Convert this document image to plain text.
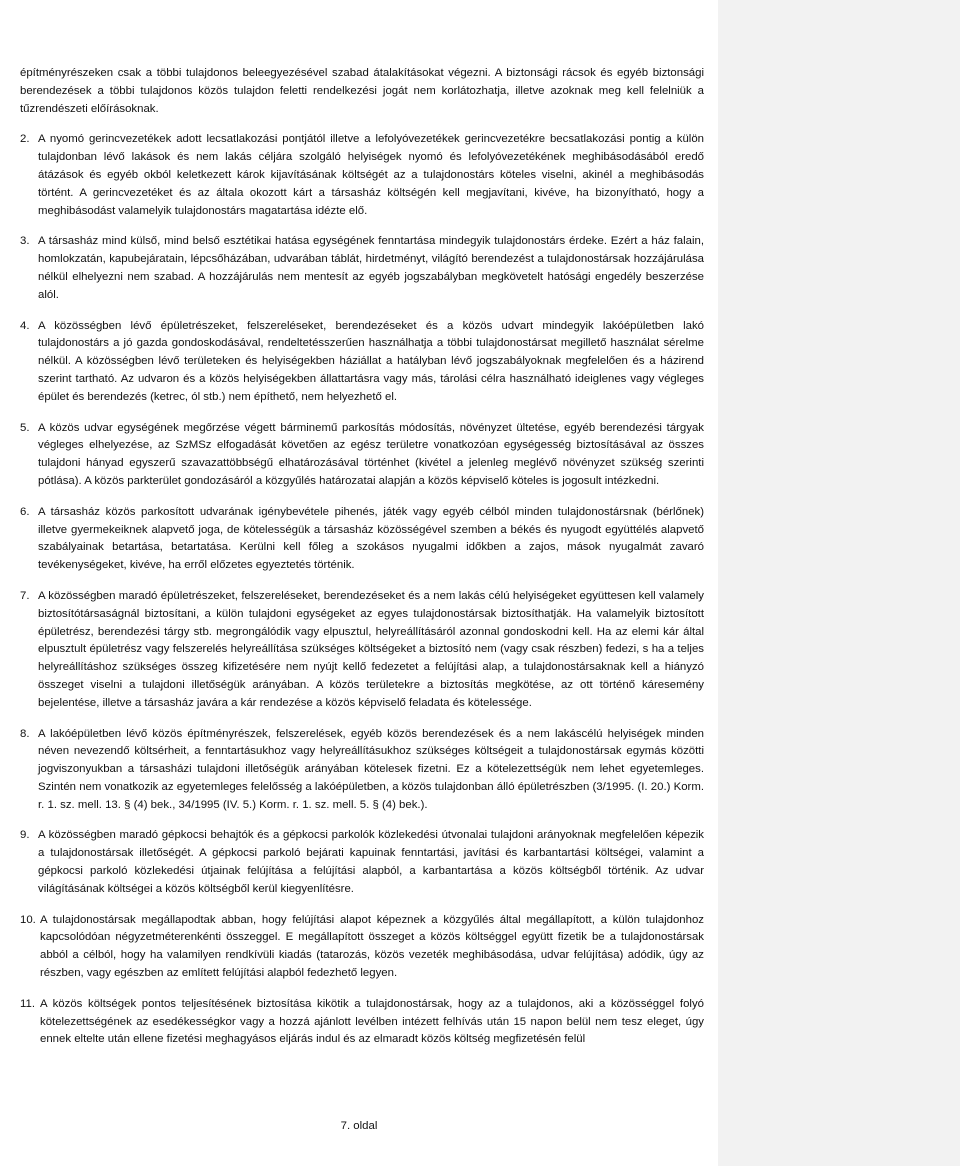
építményrészeken csak a többi tulajdonos beleegyezésével szabad átalakításokat végezni. A biztonsági rácsok és egyéb biztonsági berendezések a többi tulajdonos közös tulajdon feletti rendelkezési jogát nem korlátozhatja, illetve azoknak meg kell felelniük a tűzrendészeti előírásoknak.

2. A nyomó gerincvezetékek adott lecsatlakozási pontjától illetve a lefolyóvezetékek gerincvezetékre becsatlakozási pontig a külön tulajdonban lévő lakások és nem lakás céljára szolgáló helyiségek nyomó és lefolyóvezetékének meghibásodásából eredő átázások és egyéb okból keletkezett károk kijavításának költségét az a tulajdonostárs köteles viselni, akinél a meghibásodás történt. A gerincvezetéket és az általa okozott kárt a társasház költségén kell megjavítani, kivéve, ha bizonyítható, hogy a meghibásodást valamelyik tulajdonostárs magatartása idézte elő.
3. A társasház mind külső, mind belső esztétikai hatása egységének fenntartása mindegyik tulajdonostárs érdeke. Ezért a ház falain, homlokzatán, kapubejáratain, lépcsőházában, udvarában táblát, hirdetményt, világító berendezést a tulajdonostársak hozzájárulása nélkül elhelyezni nem szabad. A hozzájárulás nem mentesít az egyéb jogszabályban megkövetelt hatósági engedély beszerzése alól.
4. A közösségben lévő épületrészeket, felszereléseket, berendezéseket és a közös udvart mindegyik lakóépületben lakó tulajdonostárs a jó gazda gondoskodásával, rendeltetésszerűen használhatja a többi tulajdonostársat megillető használat sérelme nélkül. A közösségben lévő területeken és helyiségekben háziállat a hatályban lévő jogszabályoknak megfelelően és a házirend szerint tartható. Az udvaron és a közös helyiségekben állattartásra vagy más, tárolási célra használható ideiglenes vagy végleges épület és berendezés (ketrec, ól stb.) nem építhető, nem helyezhető el.
5. A közös udvar egységének megőrzése végett bárminemű parkosítás módosítás, növényzet ültetése, egyéb berendezési tárgyak végleges elhelyezése, az SzMSz elfogadását követően az egész területre vonatkozóan egységesség biztosításával az összes tulajdoni hányad egyszerű szavazattöbbségű elhatározásával történhet (kivétel a jelenleg meglévő növényzet szükség szerinti pótlása). A közös parkterület gondozásáról a közgyűlés határozatai alapján a közös képviselő köteles is jogosult intézkedni.
6. A társasház közös parkosított udvarának igénybevétele pihenés, játék vagy egyéb célból minden tulajdonostársnak (bérlőnek) illetve gyermekeiknek alapvető joga, de kötelességük a társasház közösségével szemben a békés és nyugodt együttélés alapvető szabályainak betartása, betartatása. Kerülni kell főleg a szokásos nyugalmi időkben a zajos, mások nyugalmát zavaró tevékenységeket, kivéve, ha erről előzetes egyeztetés történik.
7. A közösségben maradó épületrészeket, felszereléseket, berendezéseket és a nem lakás célú helyiségeket együttesen kell valamely biztosítótársaságnál biztosítani, a külön tulajdoni egységeket az egyes tulajdonostársak biztosíthatják. Ha valamelyik biztosított épületrész, berendezési tárgy stb. megrongálódik vagy elpusztul, helyreállításáról azonnal gondoskodni kell. Ha az elemi kár által elpusztult épületrész vagy felszerelés helyreállítása szükséges költségeket a biztosító nem (vagy csak részben) fedezi, s ha a teljes helyreállításhoz szükséges összeg kifizetésére nem nyújt kellő fedezetet a felújítási alap, a tulajdonostársaknak kell a hiányzó összeget viselni a tulajdoni illetőségük arányában. A közös területekre a biztosítás megkötése, az ott történő káresemény bejelentése, illetve a társasház javára a kár rendezése a közös képviselő feladata és kötelessége.
8. A lakóépületben lévő közös építményrészek, felszerelések, egyéb közös berendezések és a nem lakáscélú helyiségek minden néven nevezendő költsérheit, a fenntartásukhoz vagy helyreállításukhoz szükséges költségeit a tulajdonostársak egymás közötti jogviszonyukban a társasházi tulajdoni illetőségük arányában kötelesek fizetni. Ez a kötelezettségük nem lehet egyetemleges. Szintén nem vonatkozik az egyetemleges felelősség a lakóépületben, a közös tulajdonban álló épületrészben (3/1995. (I. 20.) Korm. r. 1. sz. mell. 13. § (4) bek., 34/1995 (IV. 5.) Korm. r. 1. sz. mell. 5. § (4) bek.).
9. A közösségben maradó gépkocsi behajtók és a gépkocsi parkolók közlekedési útvonalai tulajdoni arányoknak megfelelően képezik a tulajdonostársak illetőségét. A gépkocsi parkoló bejárati kapuinak fenntartási, javítási és karbantartási költségei, valamint a gépkocsi parkoló közlekedési útjainak felújítása a felújítási alapból, a karbantartása a közös költségből történik. Az udvar világításának költségei a közös költségből kerül kiegyenlítésre.
10. A tulajdonostársak megállapodtak abban, hogy felújítási alapot képeznek a közgyűlés által megállapított, a külön tulajdonhoz kapcsolódóan négyzetméterenkénti összeggel. E megállapított összeget a közös költséggel együtt fizetik be a tulajdonostársak abból a célból, hogy ha valamilyen rendkívüli kiadás (tatarozás, közös vezeték meghibásodása, udvar felújítása) adódik, úgy az részben, vagy egészben az említett felújítási alapból fedezhető legyen.
11. A közös költségek pontos teljesítésének biztosítása kikötik a tulajdonostársak, hogy az a tulajdonos, aki a közösséggel folyó kötelezettségének az esedékességkor vagy a hozzá ajánlott levélben intézett felhívás után 15 napon belül nem tesz eleget, úgy ennek eltelte után ellene fizetési meghagyásos eljárás indul és az elmaradt közös költség megfizetésén felül
7. oldal
